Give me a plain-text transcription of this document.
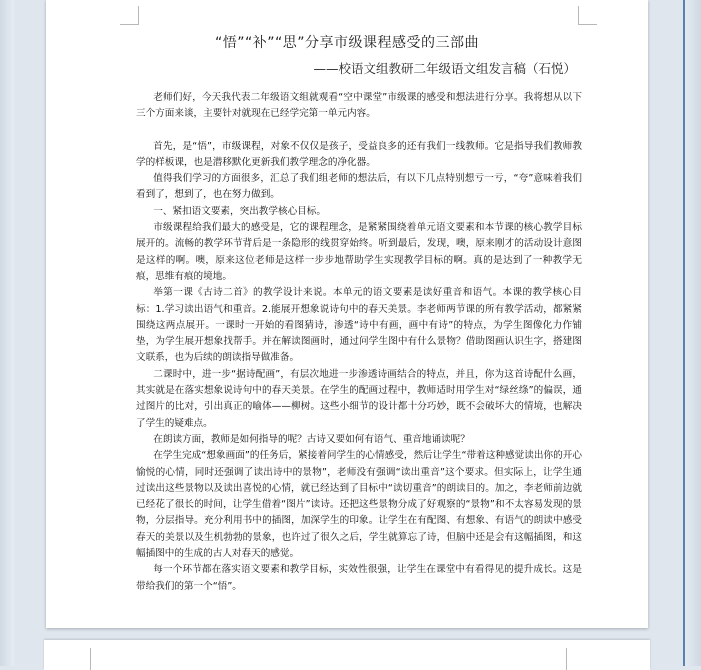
“悟”“补”“思”分享市级课程感受的三部曲
——校语文组教研二年级语文组发言稿（石悦）

老师们好，今天我代表二年级语文组就观看“空中课堂”市级课的感受和想法进行分享。我将想从以下三个方面来谈，主要针对就现在已经学完第一单元内容。

首先，是“悟”，市级课程，对象不仅仅是孩子，受益良多的还有我们一线教师。它是指导我们教师教学的样板课，也是潜移默化更新我们教学理念的净化器。

值得我们学习的方面很多，汇总了我们组老师的想法后，有以下几点特别想亏一亏，“夸”意味着我们看到了，想到了，也在努力做到。

一、紧扣语文要素，突出教学核心目标。

市级课程给我们最大的感受是，它的课程理念，是紧紧围绕着单元语文要素和本节课的核心教学目标展开的。流畅的教学环节背后是一条隐形的线贯穿始终。听到最后，发现，噢，原来刚才的活动设计意图是这样的啊。噢，原来这位老师是这样一步步地帮助学生实现教学目标的啊。真的是达到了一种教学无痕，思维有痕的境地。

举第一课《古诗二首》的教学设计来说。本单元的语文要素是读好重音和语气。本课的教学核心目标：1.学习读出语气和重音。2.能展开想象说诗句中的春天美景。李老师两节课的所有教学活动，都紧紧围绕这两点展开。一课时一开始的看图猜诗，渗透“诗中有画，画中有诗”的特点，为学生图像化力作铺垫，为学生展开想象找帮手。并在解读图画时，通过问学生图中有什么景物？借助图画认识生字，搭建图文联系，也为后续的朗读指导做准备。

二课时中，进一步“据诗配画”，有层次地进一步渗透诗画结合的特点，并且，你为这首诗配什么画，其实就是在落实想象说诗句中的春天美景。在学生的配画过程中，教师适时用学生对“绿丝绦”的偏误，通过图片的比对，引出真正的喻体——柳树。这些小细节的设计都十分巧妙，既不会破坏大的情境，也解决了学生的疑难点。

在朗读方面，教师是如何指导的呢？古诗又要如何有语气、重音地诵读呢？

在学生完成“想象画面”的任务后，紧接着问学生的心情感受，然后让学生“带着这种感觉读出你的开心愉悦的心情，同时还强调了读出诗中的景物”，老师没有强调“读出重音”这个要求。但实际上，让学生通过读出这些景物以及读出喜悦的心情，就已经达到了目标中“读切重音”的朗读目的。加之，李老师前边就已经花了很长的时间，让学生借着“图片”读诗。还把这些景物分成了好观察的“景物”和不太容易发现的景物，分层指导。充分利用书中的插图，加深学生的印象。让学生在有配图、有想象、有语气的朗读中感受春天的美景以及生机勃勃的景象，也许过了很久之后，学生就算忘了诗，但脑中还是会有这幅插图，和这幅插图中的生成的古人对春天的感觉。

每一个环节都在落实语文要素和教学目标，实效性很强，让学生在课堂中有看得见的提升成长。这是带给我们的第一个“悟”。
